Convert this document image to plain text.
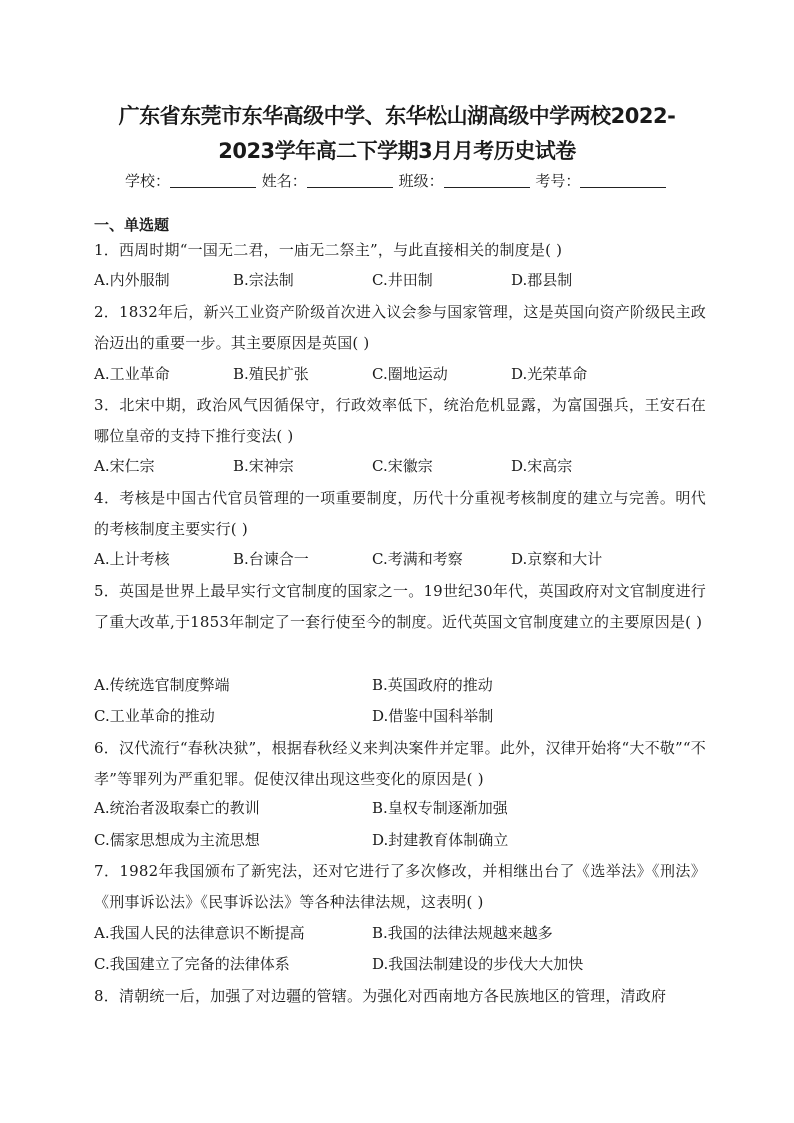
广东省东莞市东华高级中学、东华松山湖高级中学两校2022-
2023学年高二下学期3月月考历史试卷
学校：	姓名：	班级：	考号：
一、单选题
1．西周时期“一国无二君，一庙无二祭主”，与此直接相关的制度是( )
A.内外服制	B.宗法制	C.井田制	D.郡县制
2．1832年后，新兴工业资产阶级首次进入议会参与国家管理，这是英国向资产阶级民主政治迈出的重要一步。其主要原因是英国( )
A.工业革命	B.殖民扩张	C.圈地运动	D.光荣革命
3．北宋中期，政治风气因循保守，行政效率低下，统治危机显露，为富国强兵，王安石在哪位皇帝的支持下推行变法( )
A.宋仁宗	B.宋神宗	C.宋徽宗	D.宋高宗
4．考核是中国古代官员管理的一项重要制度，历代十分重视考核制度的建立与完善。明代的考核制度主要实行( )
A.上计考核	B.台谏合一	C.考满和考察	D.京察和大计
5．英国是世界上最早实行文官制度的国家之一。19世纪30年代，英国政府对文官制度进行了重大改革,于1853年制定了一套行使至今的制度。近代英国文官制度建立的主要原因是( )
A.传统选官制度弊端	B.英国政府的推动
C.工业革命的推动	D.借鉴中国科举制
6．汉代流行“春秋决狱”，根据春秋经义来判决案件并定罪。此外，汉律开始将“大不敬”“不孝”等罪列为严重犯罪。促使汉律出现这些变化的原因是( )
A.统治者汲取秦亡的教训	B.皇权专制逐渐加强
C.儒家思想成为主流思想	D.封建教育体制确立
7．1982年我国颁布了新宪法，还对它进行了多次修改，并相继出台了《选举法》《刑法》《刑事诉讼法》《民事诉讼法》等各种法律法规，这表明( )
A.我国人民的法律意识不断提高	B.我国的法律法规越来越多
C.我国建立了完备的法律体系	D.我国法制建设的步伐大大加快
8．清朝统一后，加强了对边疆的管辖。为强化对西南地方各民族地区的管理，清政府
